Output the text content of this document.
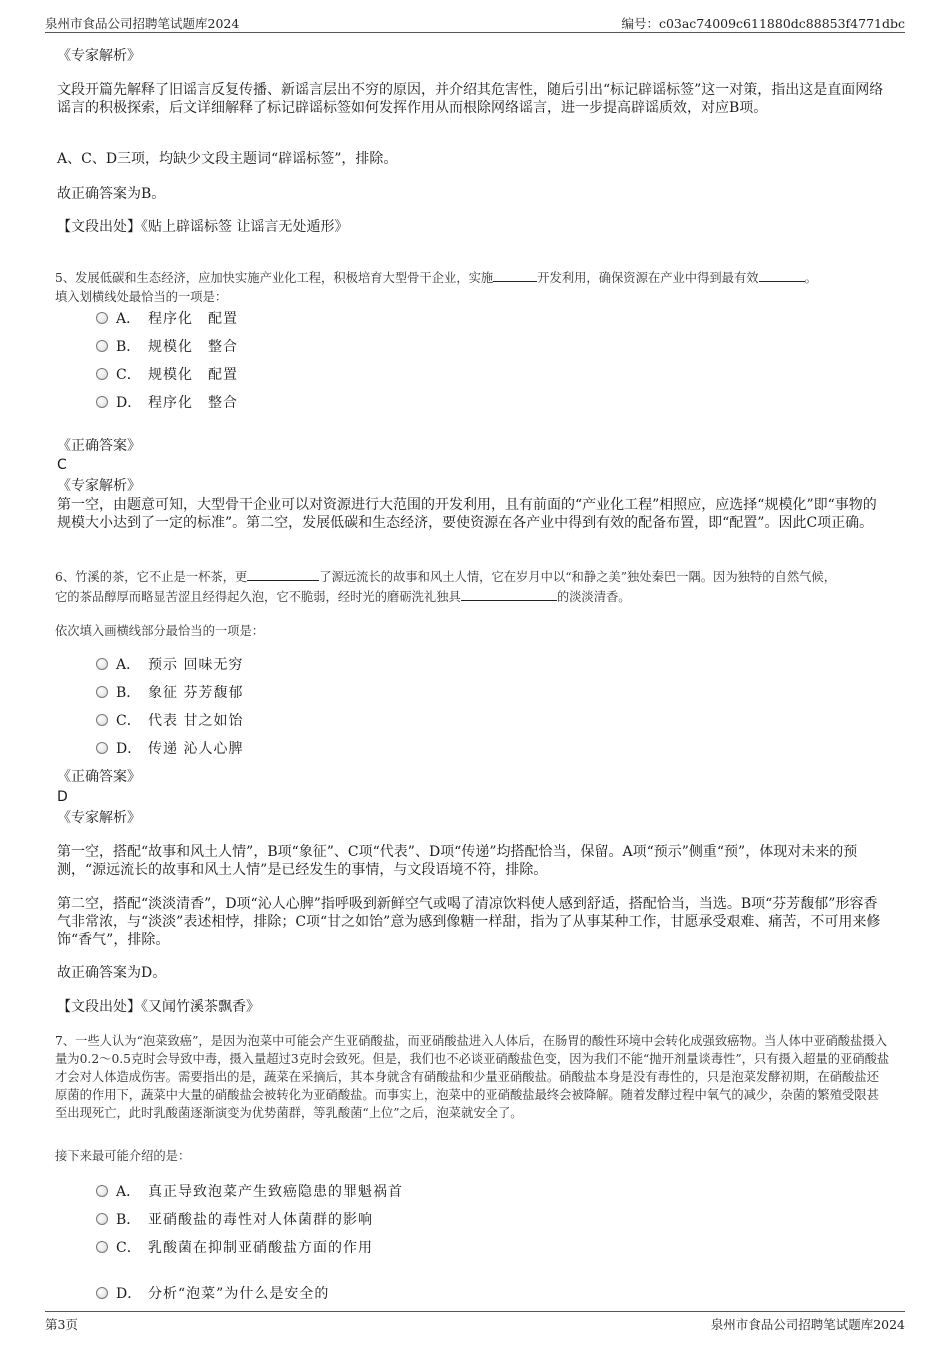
泉州市食品公司招聘笔试题库2024	编号：c03ac74009c611880dc88853f4771dbc
《专家解析》
文段开篇先解释了旧谣言反复传播、新谣言层出不穷的原因，并介绍其危害性，随后引出“标记辟谣标签”这一对策，指出这是直面网络谣言的积极探索，后文详细解释了标记辟谣标签如何发挥作用从而根除网络谣言，进一步提高辟谣质效，对应B项。
A、C、D三项，均缺少文段主题词“辟谣标签”，排除。
故正确答案为B。
【文段出处】《贴上辟谣标签 让谣言无处遁形》
5、发展低碳和生态经济，应加快实施产业化工程，积极培育大型骨干企业，实施	开发利用，确保资源在产业中得到最有效	。
填入划横线处最恰当的一项是：
A． 程序化　配置
B． 规模化　整合
C． 规模化　配置
D． 程序化　整合
《正确答案》
C
《专家解析》
第一空，由题意可知，大型骨干企业可以对资源进行大范围的开发利用，且有前面的“产业化工程”相照应，应选择“规模化”即“事物的规模大小达到了一定的标准”。第二空，发展低碳和生态经济，要使资源在各产业中得到有效的配备布置，即“配置”。因此C项正确。
6、竹溪的茶，它不止是一杯茶，更	了源远流长的故事和风土人情，它在岁月中以“和静之美”独处秦巴一隅。因为独特的自然气候，
它的茶品醇厚而略显苦涩且经得起久泡，它不脆弱，经时光的磨砺洗礼独具	的淡淡清香。
依次填入画横线部分最恰当的一项是：
A． 预示 回味无穷
B． 象征 芬芳馥郁
C． 代表 甘之如饴
D． 传递 沁人心脾
《正确答案》
D
《专家解析》
第一空，搭配“故事和风土人情”，B项“象征”、C项“代表”、D项“传递”均搭配恰当，保留。A项“预示”侧重“预”，体现对未来的预测，“源远流长的故事和风土人情”是已经发生的事情，与文段语境不符，排除。
第二空，搭配“淡淡清香”，D项“沁人心脾”指呼吸到新鲜空气或喝了清凉饮料使人感到舒适，搭配恰当，当选。B项“芬芳馥郁”形容香气非常浓，与“淡淡”表述相悖，排除；C项“甘之如饴”意为感到像糖一样甜，指为了从事某种工作，甘愿承受艰难、痛苦，不可用来修饰“香气”，排除。
故正确答案为D。
【文段出处】《又闻竹溪茶飘香》
7、一些人认为“泡菜致癌”，是因为泡菜中可能会产生亚硝酸盐，而亚硝酸盐进入人体后，在肠胃的酸性环境中会转化成强致癌物。当人体中亚硝酸盐摄入量为0.2～0.5克时会导致中毒，摄入量超过3克时会致死。但是，我们也不必谈亚硝酸盐色变，因为我们不能“抛开剂量谈毒性”，只有摄入超量的亚硝酸盐才会对人体造成伤害。需要指出的是，蔬菜在采摘后，其本身就含有硝酸盐和少量亚硝酸盐。硝酸盐本身是没有毒性的，只是泡菜发酵初期，在硝酸盐还原菌的作用下，蔬菜中大量的硝酸盐会被转化为亚硝酸盐。而事实上，泡菜中的亚硝酸盐最终会被降解。随着发酵过程中氧气的减少，杂菌的繁殖受限甚至出现死亡，此时乳酸菌逐渐演变为优势菌群，等乳酸菌“上位”之后，泡菜就安全了。
接下来最可能介绍的是：
A． 真正导致泡菜产生致癌隐患的罪魁祸首
B． 亚硝酸盐的毒性对人体菌群的影响
C． 乳酸菌在抑制亚硝酸盐方面的作用
D． 分析“泡菜”为什么是安全的
第3页	泉州市食品公司招聘笔试题库2024
